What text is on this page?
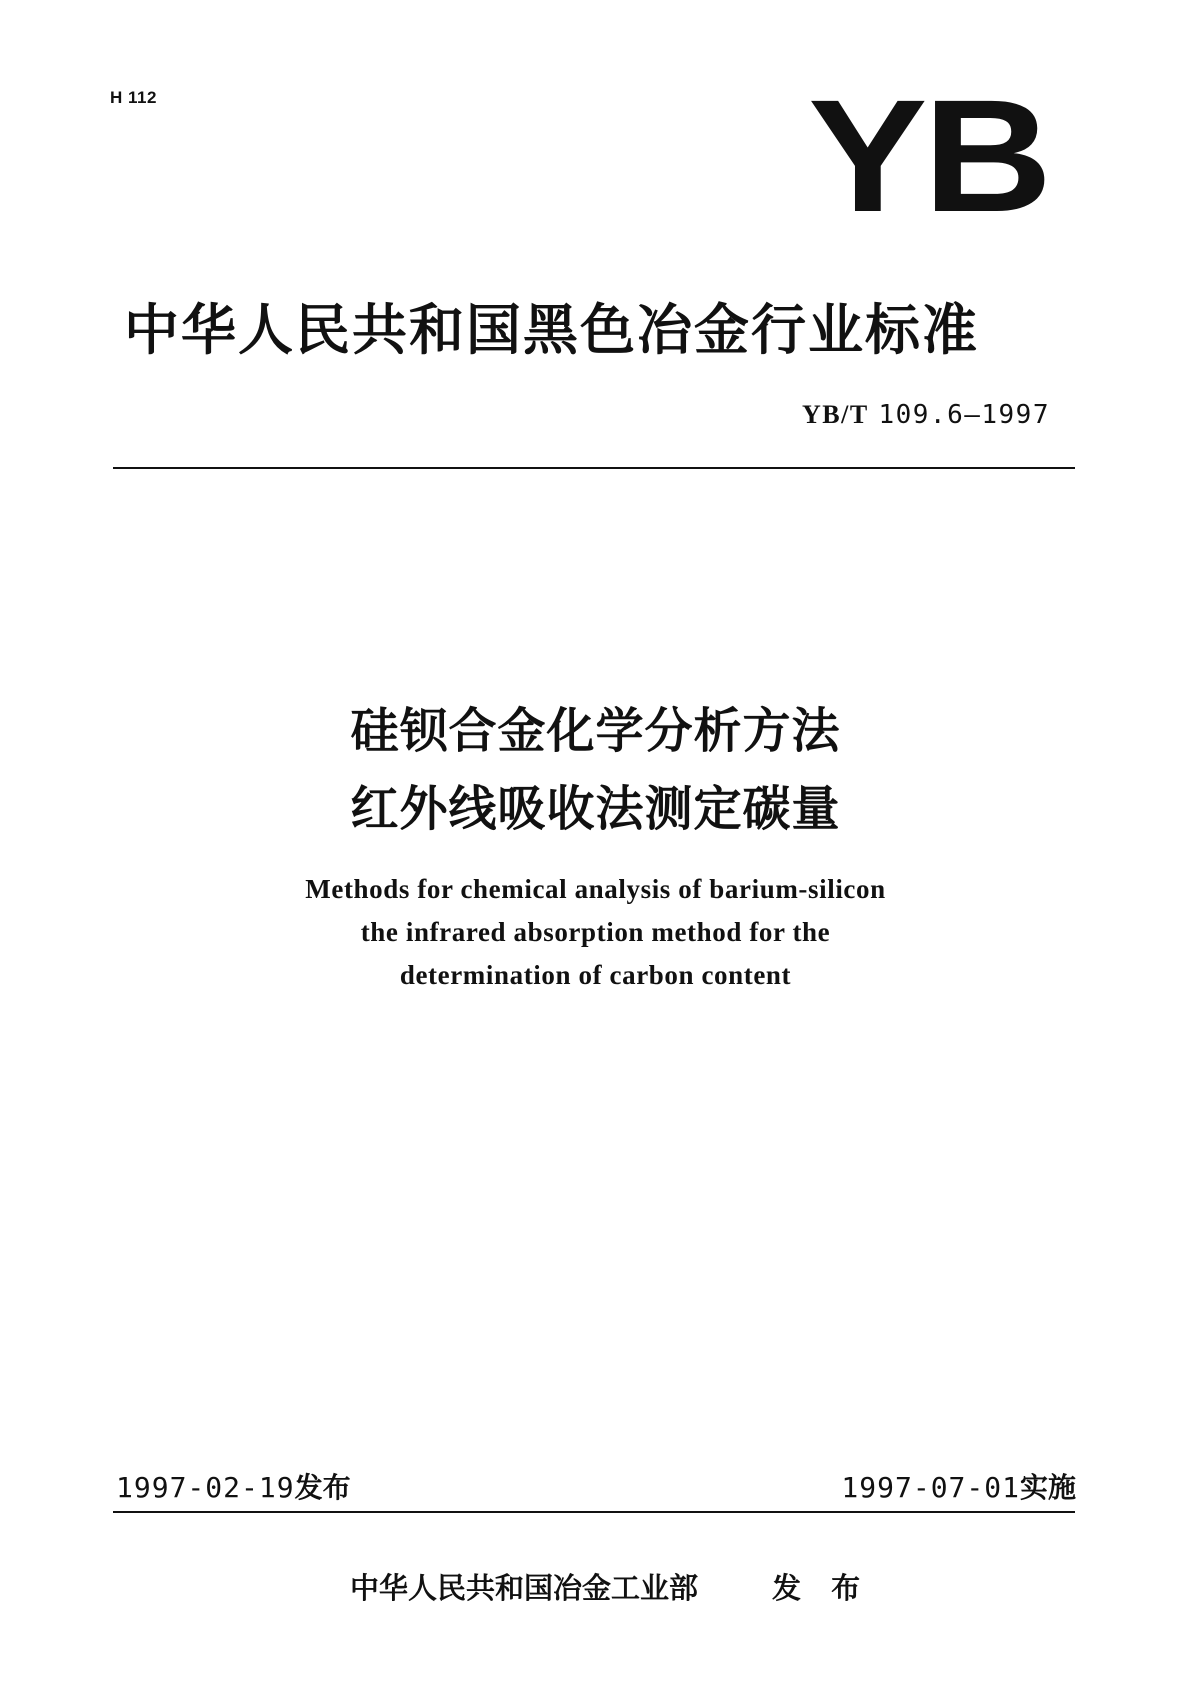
H 112	YB
中华人民共和国黑色冶金行业标准
YB/T 109.6—1997
硅钡合金化学分析方法
红外线吸收法测定碳量
Methods for chemical analysis of barium-silicon
the infrared absorption method for the
determination of carbon content
1997-02-19发布	1997-07-01实施
中华人民共和国冶金工业部	发 布
